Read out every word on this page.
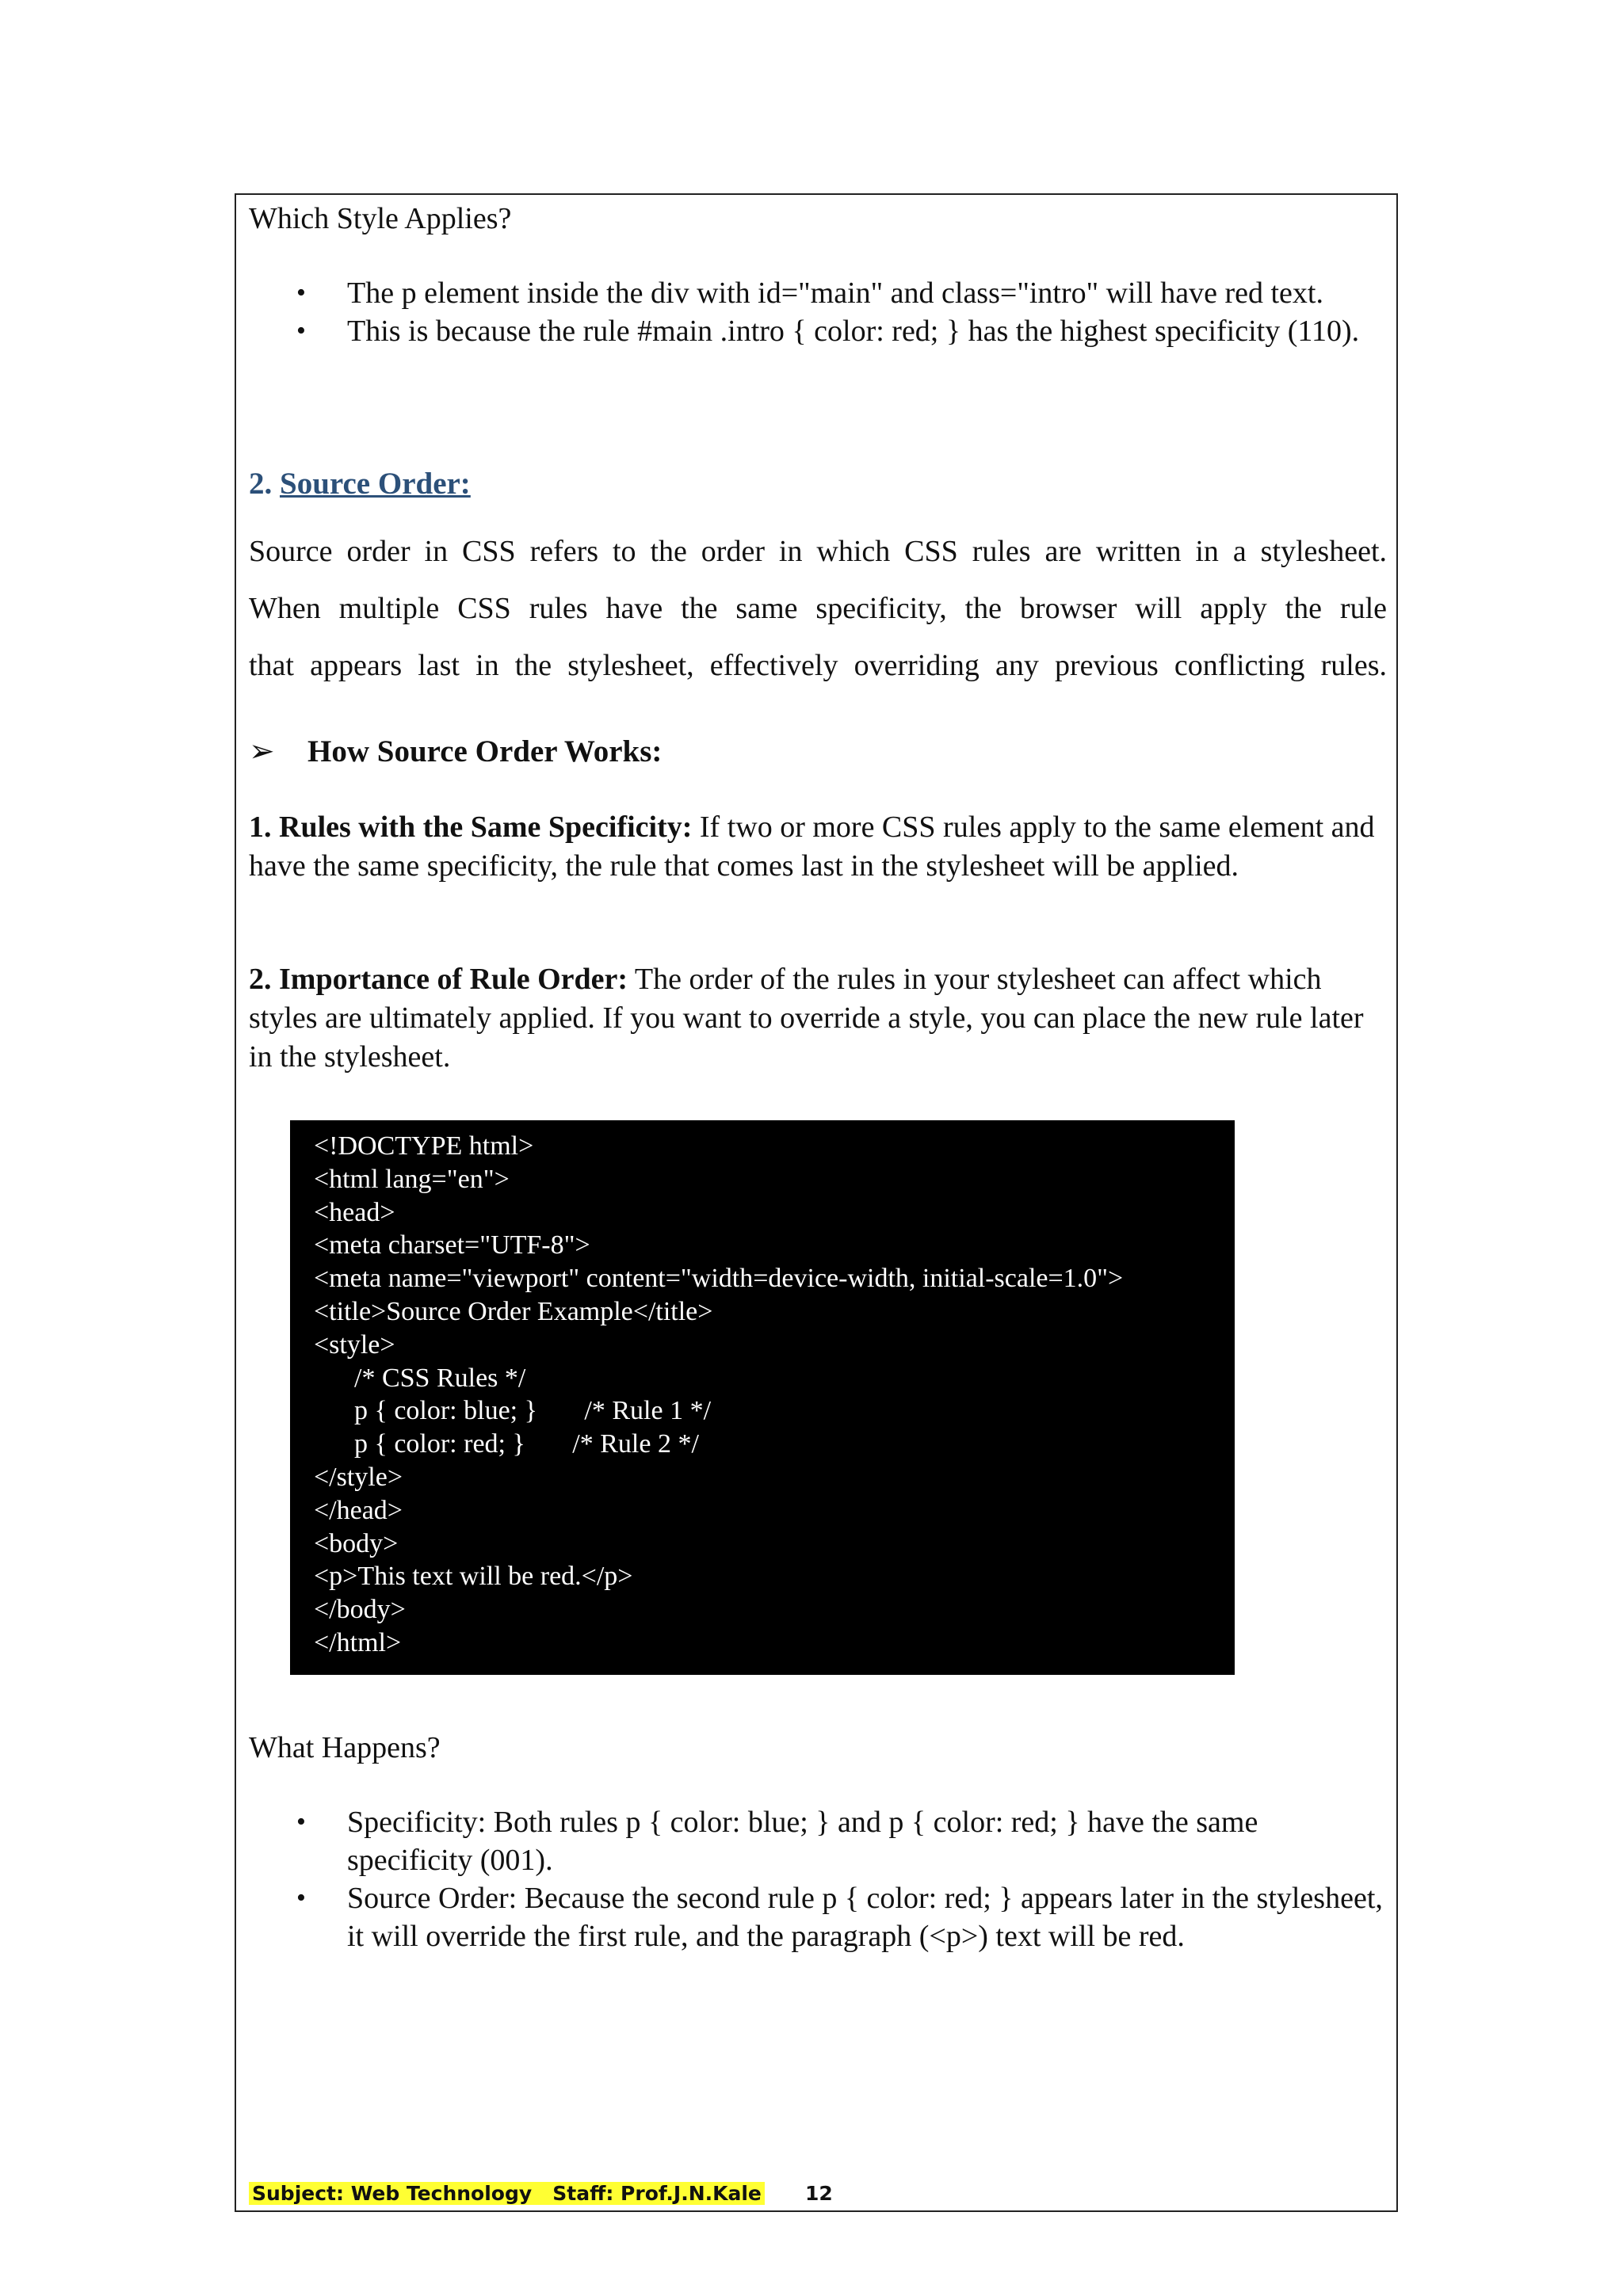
Which Style Applies?

• The p element inside the div with id="main" and class="intro" will have red text.
• This is because the rule #main .intro { color: red; } has the highest specificity (110).
2. Source Order:
Source order in CSS refers to the order in which CSS rules are written in a stylesheet.
When multiple CSS rules have the same specificity, the browser will apply the rule
that appears last in the stylesheet, effectively overriding any previous conflicting rules.
➢ How Source Order Works:

1. Rules with the Same Specificity: If two or more CSS rules apply to the same element and have the same specificity, the rule that comes last in the stylesheet will be applied.

2. Importance of Rule Order: The order of the rules in your stylesheet can affect which styles are ultimately applied. If you want to override a style, you can place the new rule later in the stylesheet.

<!DOCTYPE html>
<html lang="en">
<head>
<meta charset="UTF-8">
<meta name="viewport" content="width=device-width, initial-scale=1.0">
<title>Source Order Example</title>
<style>
/* CSS Rules */
p { color: blue; }       /* Rule 1 */
p { color: red; }       /* Rule 2 */
</style>
</head>
<body>
<p>This text will be red.</p>
</body>
</html>

What Happens?

• Specificity: Both rules p { color: blue; } and p { color: red; } have the same specificity (001).
• Source Order: Because the second rule p { color: red; } appears later in the stylesheet, it will override the first rule, and the paragraph (<p>) text will be red.
Subject: Web Technology Staff: Prof.J.N.Kale 12
